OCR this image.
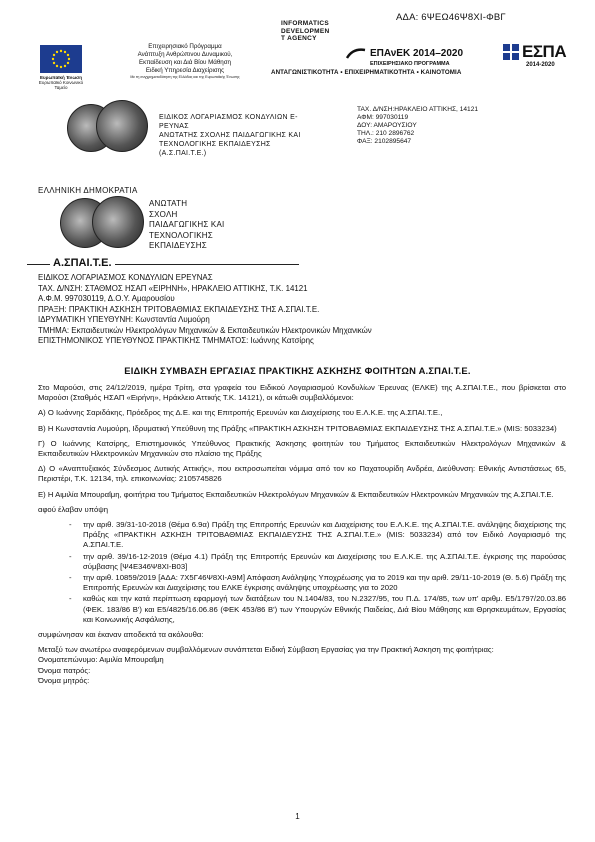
ΑΔΑ: 6ΨΕΩ46Ψ8ΧΙ-ΦΒΓ
Ευρωπαϊκή Ένωση
Ευρωπαϊκό Κοινωνικό Ταμείο
Επιχειρησιακό Πρόγραμμα
Ανάπτυξη Ανθρώπινου Δυναμικού,
Εκπαίδευση και Διά Βίου Μάθηση
Ειδική Υπηρεσία Διαχείρισης
Με τη συγχρηματοδότηση της Ελλάδας και της Ευρωπαϊκής Ένωσης
INFORMATICS
DEVELOPMEN
T AGENCY
ΕΠΑνΕΚ 2014–2020
ΕΠΙΧΕΙΡΗΣΙΑΚΟ ΠΡΟΓΡΑΜΜΑ
ΕΣΠΑ
2014-2020
ΑΝΤΑΓΩΝΙΣΤΙΚΟΤΗΤΑ • ΕΠΙΧΕΙΡΗΜΑΤΙΚΟΤΗΤΑ • ΚΑΙΝΟΤΟΜΙΑ
ΕΙΔΙΚΟΣ ΛΟΓΑΡΙΑΣΜΟΣ ΚΟΝΔΥΛΙΩΝ Ε-
ΡΕΥΝΑΣ
ΑΝΩΤΑΤΗΣ ΣΧΟΛΗΣ ΠΑΙΔΑΓΩΓΙΚΗΣ ΚΑΙ
ΤΕΧΝΟΛΟΓΙΚΗΣ ΕΚΠΑΙΔΕΥΣΗΣ
(Α.Σ.ΠΑΙ.Τ.Ε.)
ΤΑΧ. Δ/ΝΣΗ:ΗΡΑΚΛΕΙΟ ΑΤΤΙΚΗΣ, 14121
ΑΦΜ: 997030119
ΔΟΥ: ΑΜΑΡΟΥΣΙΟΥ
ΤΗΛ.: 210 2896762
ΦΑΞ: 2102895647
ΕΛΛΗΝΙΚΗ ΔΗΜΟΚΡΑΤΙΑ
ΑΝΩΤΑΤΗ
ΣΧΟΛΗ
ΠΑΙΔΑΓΩΓΙΚΗΣ ΚΑΙ
ΤΕΧΝΟΛΟΓΙΚΗΣ
ΕΚΠΑΙΔΕΥΣΗΣ
Α.ΣΠΑΙ.Τ.Ε.
ΕΙΔΙΚΟΣ ΛΟΓΑΡΙΑΣΜΟΣ ΚΟΝΔΥΛΙΩΝ ΕΡΕΥΝΑΣ
ΤΑΧ. Δ/ΝΣΗ: ΣΤΑΘΜΟΣ ΗΣΑΠ «ΕΙΡΗΝΗ», ΗΡΑΚΛΕΙΟ ΑΤΤΙΚΗΣ, Τ.Κ. 14121
Α.Φ.Μ. 997030119, Δ.Ο.Υ. Αμαρουσίου
ΠΡΑΞΗ: ΠΡΑΚΤΙΚΗ ΑΣΚΗΣΗ ΤΡΙΤΟΒΑΘΜΙΑΣ ΕΚΠΑΙΔΕΥΣΗΣ ΤΗΣ Α.ΣΠΑΙ.Τ.Ε.
ΙΔΡΥΜΑΤΙΚΗ ΥΠΕΥΘΥΝΗ: Κωνσταντία Λυμούρη
ΤΜΗΜΑ: Εκπαιδευτικών Ηλεκτρολόγων Μηχανικών & Εκπαιδευτικών Ηλεκτρονικών Μηχανικών
ΕΠΙΣΤΗΜΟΝΙΚΟΣ ΥΠΕΥΘΥΝΟΣ ΠΡΑΚΤΙΚΗΣ ΤΜΗΜΑΤΟΣ: Ιωάννης Κατσίρης
ΕΙΔΙΚΗ ΣΥΜΒΑΣΗ ΕΡΓΑΣΙΑΣ ΠΡΑΚΤΙΚΗΣ ΑΣΚΗΣΗΣ ΦΟΙΤΗΤΩΝ Α.ΣΠΑΙ.Τ.Ε.

Στο Μαρούσι, στις 24/12/2019, ημέρα Τρίτη, στα γραφεία του Ειδικού Λογαριασμού Κονδυλίων Έρευνας (ΕΛΚΕ) της Α.ΣΠΑΙ.Τ.Ε., που βρίσκεται στο Μαρούσι (Σταθμός ΗΣΑΠ «Ειρήνη», Ηράκλειο Αττικής Τ.Κ. 14121), οι κάτωθι συμβαλλόμενοι:

Α) Ο Ιωάννης Σαριδάκης, Πρόεδρος της Δ.Ε. και της Επιτροπής Ερευνών και Διαχείρισης του Ε.Λ.Κ.Ε. της Α.ΣΠΑΙ.Τ.Ε.,

Β) Η Κωνσταντία Λυμούρη, Ιδρυματική Υπεύθυνη της Πράξης «ΠΡΑΚΤΙΚΗ ΑΣΚΗΣΗ ΤΡΙΤΟΒΑΘΜΙΑΣ ΕΚΠΑΙΔΕΥΣΗΣ ΤΗΣ Α.ΣΠΑΙ.Τ.Ε.» (MIS: 5033234)

Γ) Ο Ιωάννης Κατσίρης, Επιστημονικός Υπεύθυνος Πρακτικής Άσκησης φοιτητών του Τμήματος Εκπαιδευτικών Ηλεκτρολόγων Μηχανικών & Εκπαιδευτικών Ηλεκτρονικών Μηχανικών στο πλαίσιο της Πράξης

Δ) Ο «Αναπτυξιακός Σύνδεσμος Δυτικής Αττικής», που εκπροσωπείται νόμιμα από τον κο Παχατουρίδη Ανδρέα, Διεύθυνση: Εθνικής Αντιστάσεως 65, Περιστέρι, Τ.Κ. 12134, τηλ. επικοινωνίας: 2105745826

Ε) Η Αιμιλία Μπουραΐμη, φοιτήτρια του Τμήματος Εκπαιδευτικών Ηλεκτρολόγων Μηχανικών & Εκπαιδευτικών Ηλεκτρονικών Μηχανικών της Α.ΣΠΑΙ.Τ.Ε.

αφού έλαβαν υπόψη

- την αριθ. 39/31-10-2018 (Θέμα 6.9α) Πράξη της Επιτροπής Ερευνών και Διαχείρισης του Ε.Λ.Κ.Ε. της Α.ΣΠΑΙ.Τ.Ε. ανάληψης διαχείρισης της Πράξης «ΠΡΑΚΤΙΚΗ ΑΣΚΗΣΗ ΤΡΙΤΟΒΑΘΜΙΑΣ ΕΚΠΑΙΔΕΥΣΗΣ ΤΗΣ Α.ΣΠΑΙ.Τ.Ε.» (MIS: 5033234) από τον Ειδικό Λογαριασμό της Α.ΣΠΑΙ.Τ.Ε.
- την αριθ. 39/16-12-2019 (Θέμα 4.1) Πράξη της Επιτροπής Ερευνών και Διαχείρισης του Ε.Λ.Κ.Ε. της Α.ΣΠΑΙ.Τ.Ε. έγκρισης της παρούσας σύμβασης [Ψ4Ε346Ψ8ΧΙ-Β03]
- την αριθ. 10859/2019 [ΑΔΑ: 7Χ5Γ46Ψ8ΧΙ-Α9Μ] Απόφαση Ανάληψης Υποχρέωσης για το 2019 και την αριθ. 29/11-10-2019 (Θ. 5.6) Πράξη της Επιτροπής Ερευνών και Διαχείρισης του ΕΛΚΕ έγκρισης ανάληψης υποχρέωσης για το 2020
- καθώς και την κατά περίπτωση εφαρμογή των διατάξεων του Ν.1404/83, του Ν.2327/95, του Π.Δ. 174/85, των υπ' αριθμ. Ε5/1797/20.03.86 (ΦΕΚ. 183/86 Β') και Ε5/4825/16.06.86 (ΦΕΚ 453/86 Β') των Υπουργών Εθνικής Παιδείας, Διά Βίου Μάθησης και Θρησκευμάτων, Εργασίας και Κοινωνικής Ασφάλισης,

συμφώνησαν και έκαναν αποδεκτά τα ακόλουθα:

Μεταξύ των ανωτέρω αναφερόμενων συμβαλλόμενων συνάπτεται Ειδική Σύμβαση Εργασίας για την Πρακτική Άσκηση της φοιτήτριας:

Ονοματεπώνυμο: Αιμιλία Μπουραΐμη
Όνομα πατρός:
Όνομα μητρός:
1
